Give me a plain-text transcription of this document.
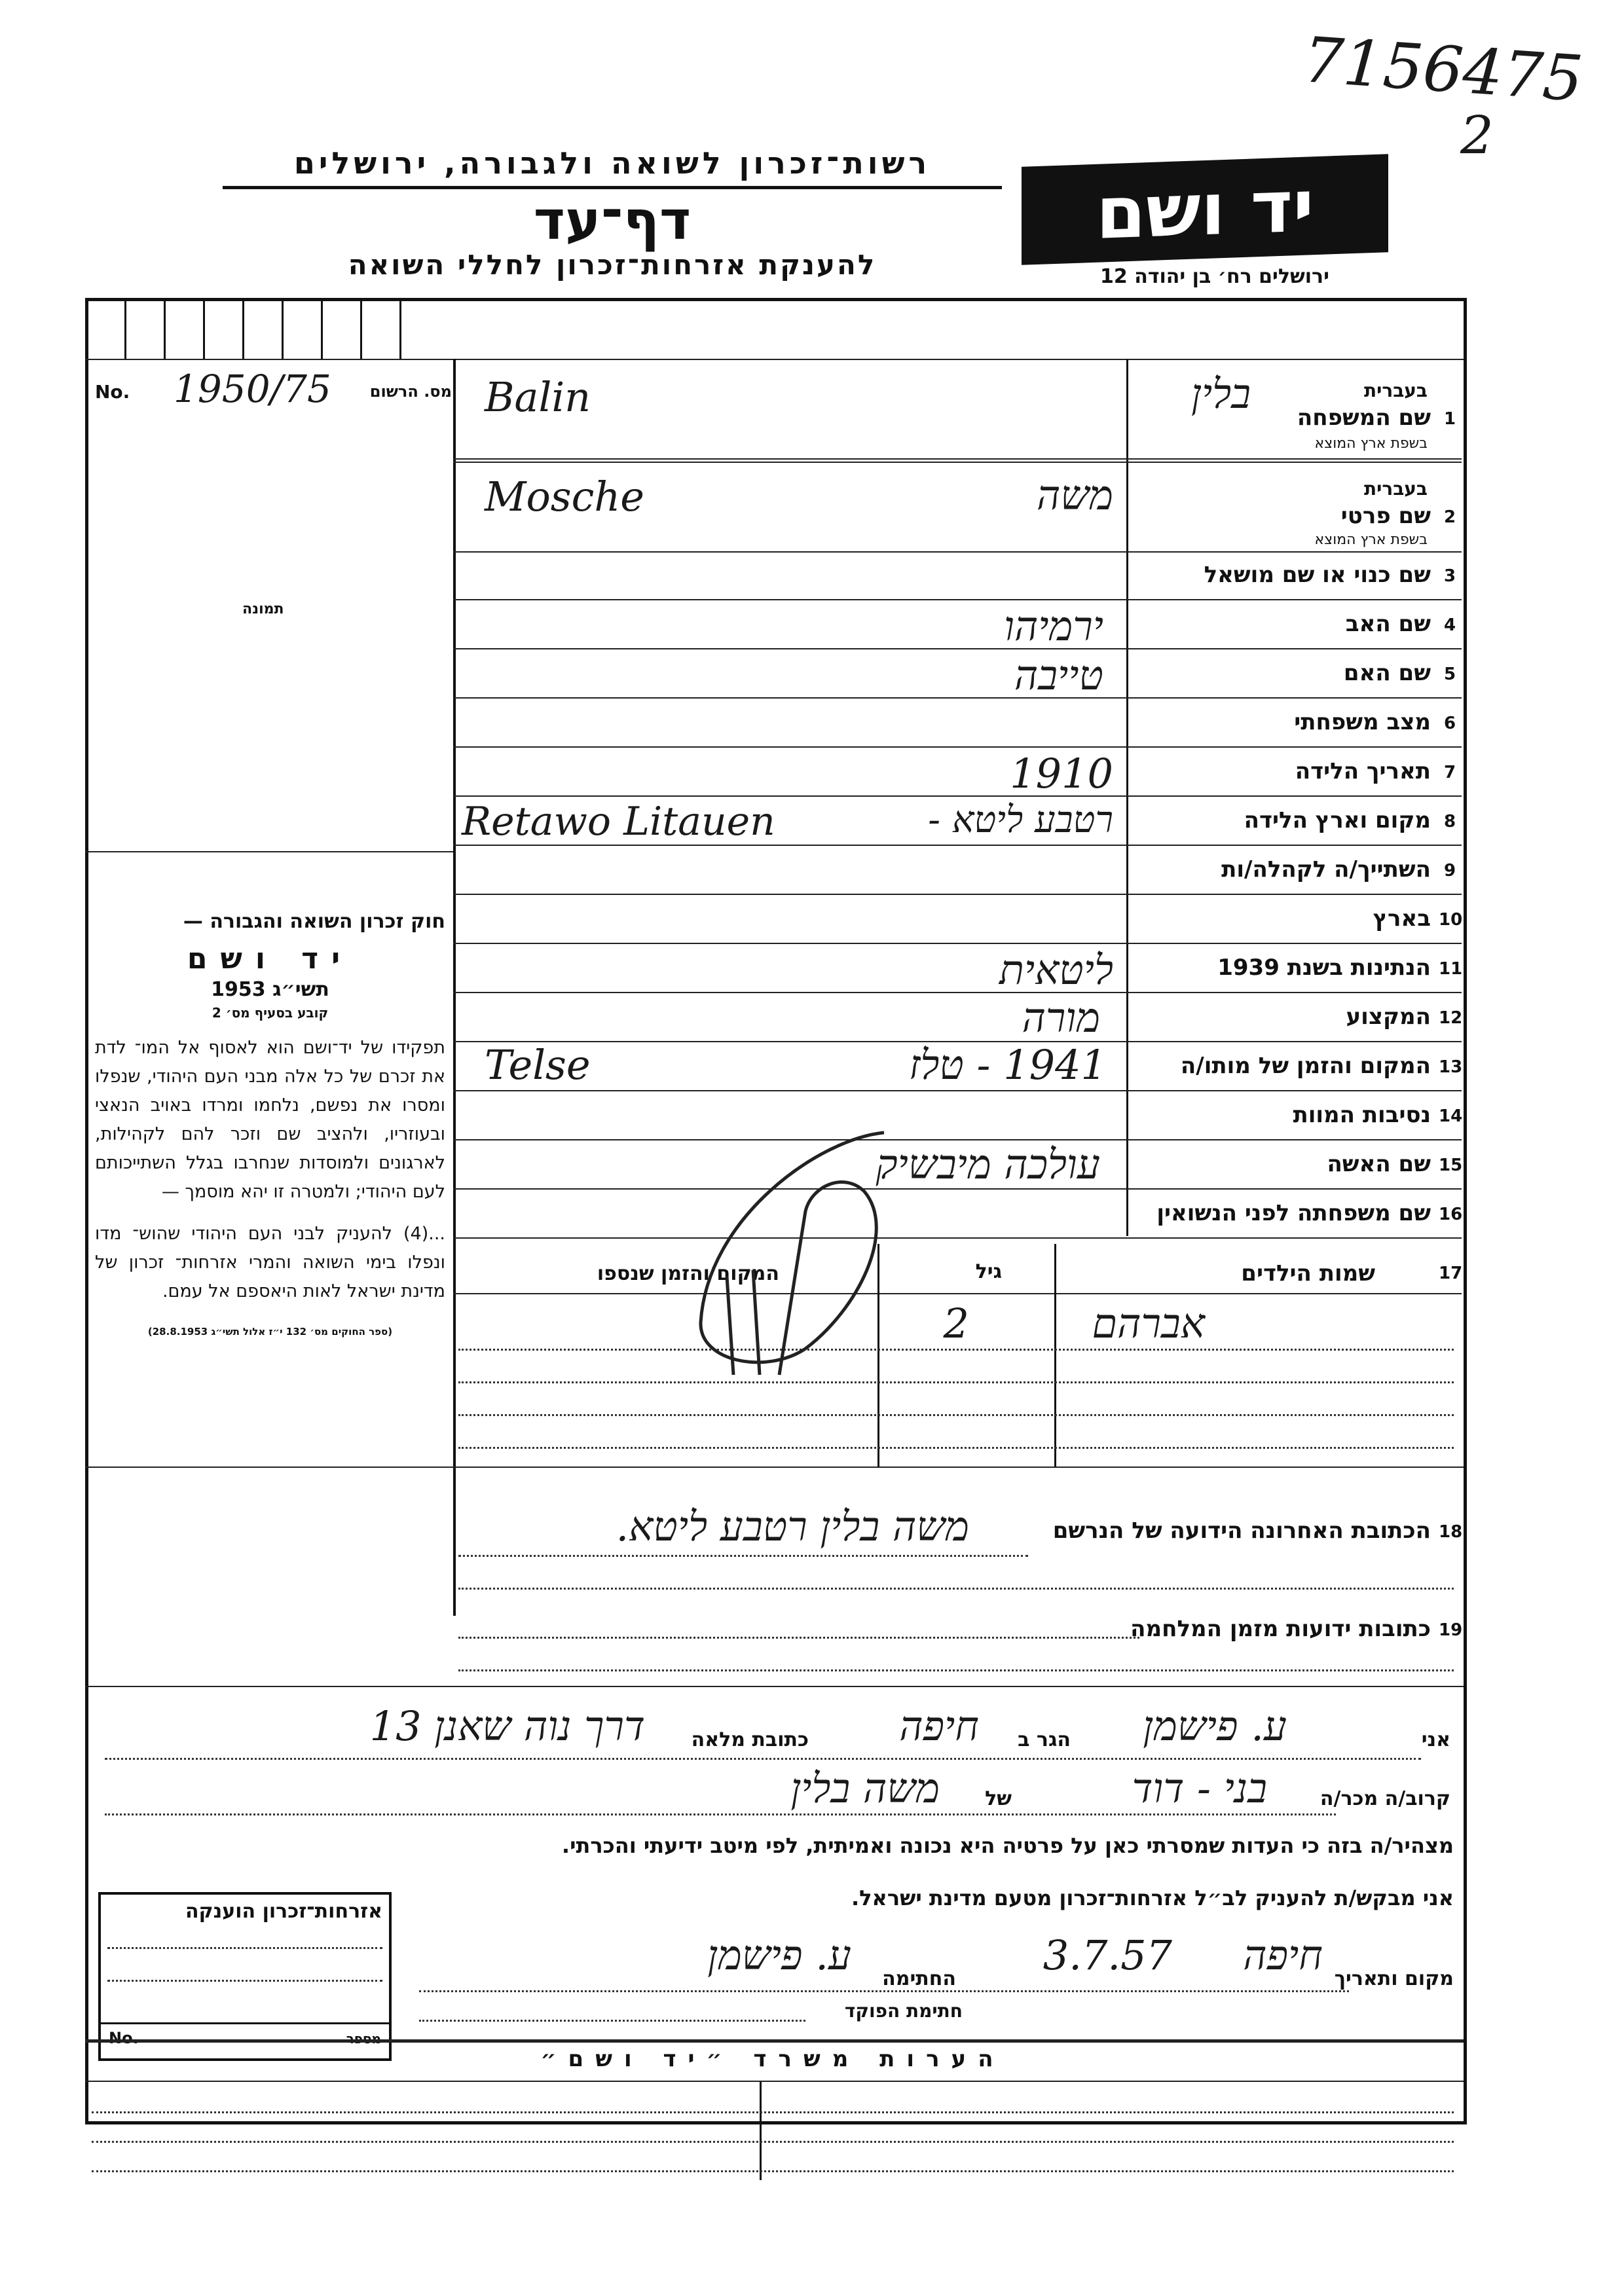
7156475
2
רשות־זכרון לשואה ולגבורה, ירושלים
דף־עד
להענקת אזרחות־זכרון לחללי השואה
יד ושם
ירושלים רח׳ בן יהודה 12
No. 1950/75 מס. הרשום
תמונה
חוק זכרון השואה והגבורה —
יד ושם
תשי״ג 1953
קובע בסעיף מס׳ 2
תפקידו של יד־ושם הוא לאסוף אל המו־ לדת את זכרם של כל אלה מבני העם היהודי, שנפלו ומסרו את נפשם, נלחמו ומרדו באויב הנאצי ובעוזריו, ולהציב שם וזכר להם לקהילות, לארגונים ולמוסדות שנחרבו בגלל השתייכותם לעם היהודי; ולמטרה זו יהא מוסמך —
...(4) להעניק לבני העם היהודי שהוש־ מדו ונפלו בימי השואה והמרי אזרחות־ זכרון של מדינת ישראל לאות היאספם אל עמם.
(ספר החוקים מס׳ 132 י״ז אלול תשי״ג 28.8.1953)
1
שם המשפחה
בעברית
בשפת ארץ המוצא
בלין
Balin
2
שם פרטי
בעברית
בשפת ארץ המוצא
משה
Mosche
3
שם כנוי או שם מושאל
4
שם האב
ירמיהו
5
שם האם
טייבה
6
מצב משפחתי
7
תאריך הלידה
1910
8
מקום וארץ הלידה
רטבע ליטא -
Retawo Litauen
9
השתייך/ה לקהלה/ות
10
בארץ
11
הנתינות בשנת 1939
ליטאית
12
המקצוע
מורה
13
המקום והזמן של מותו/ה
1941 - טלז
Telse
14
נסיבות המוות
15
שם האשה
עולכה מיבשיק
16
שם משפחתה לפני הנשואין
17
שמות הילדים
גיל
המקום והזמן שנספו
אברהם
2
18
הכתובת האחרונה הידועה של הנרשם
משה בלין רטבע ליטא.
19
כתובות ידועות מזמן המלחמה
אני
ע. פישמן
הגר ב
חיפה
כתובת מלאה
דרך נוה שאנן 13
קרוב/ה מכר/ה
בני - דוד
של
משה בלין
מצהיר/ה בזה כי העדות שמסרתי כאן על פרטיה היא נכונה ואמיתית, לפי מיטב ידיעתי והכרתי.
אני מבקש/ת להעניק לב״ל אזרחות־זכרון מטעם מדינת ישראל.
אזרחות־זכרון הוענקה
No.	מספר
מקום ותאריך
חיפה
3.7.57
החתימה
ע. פישמן
חתימת הפוקד
הערות משרד ״יד ושם״
